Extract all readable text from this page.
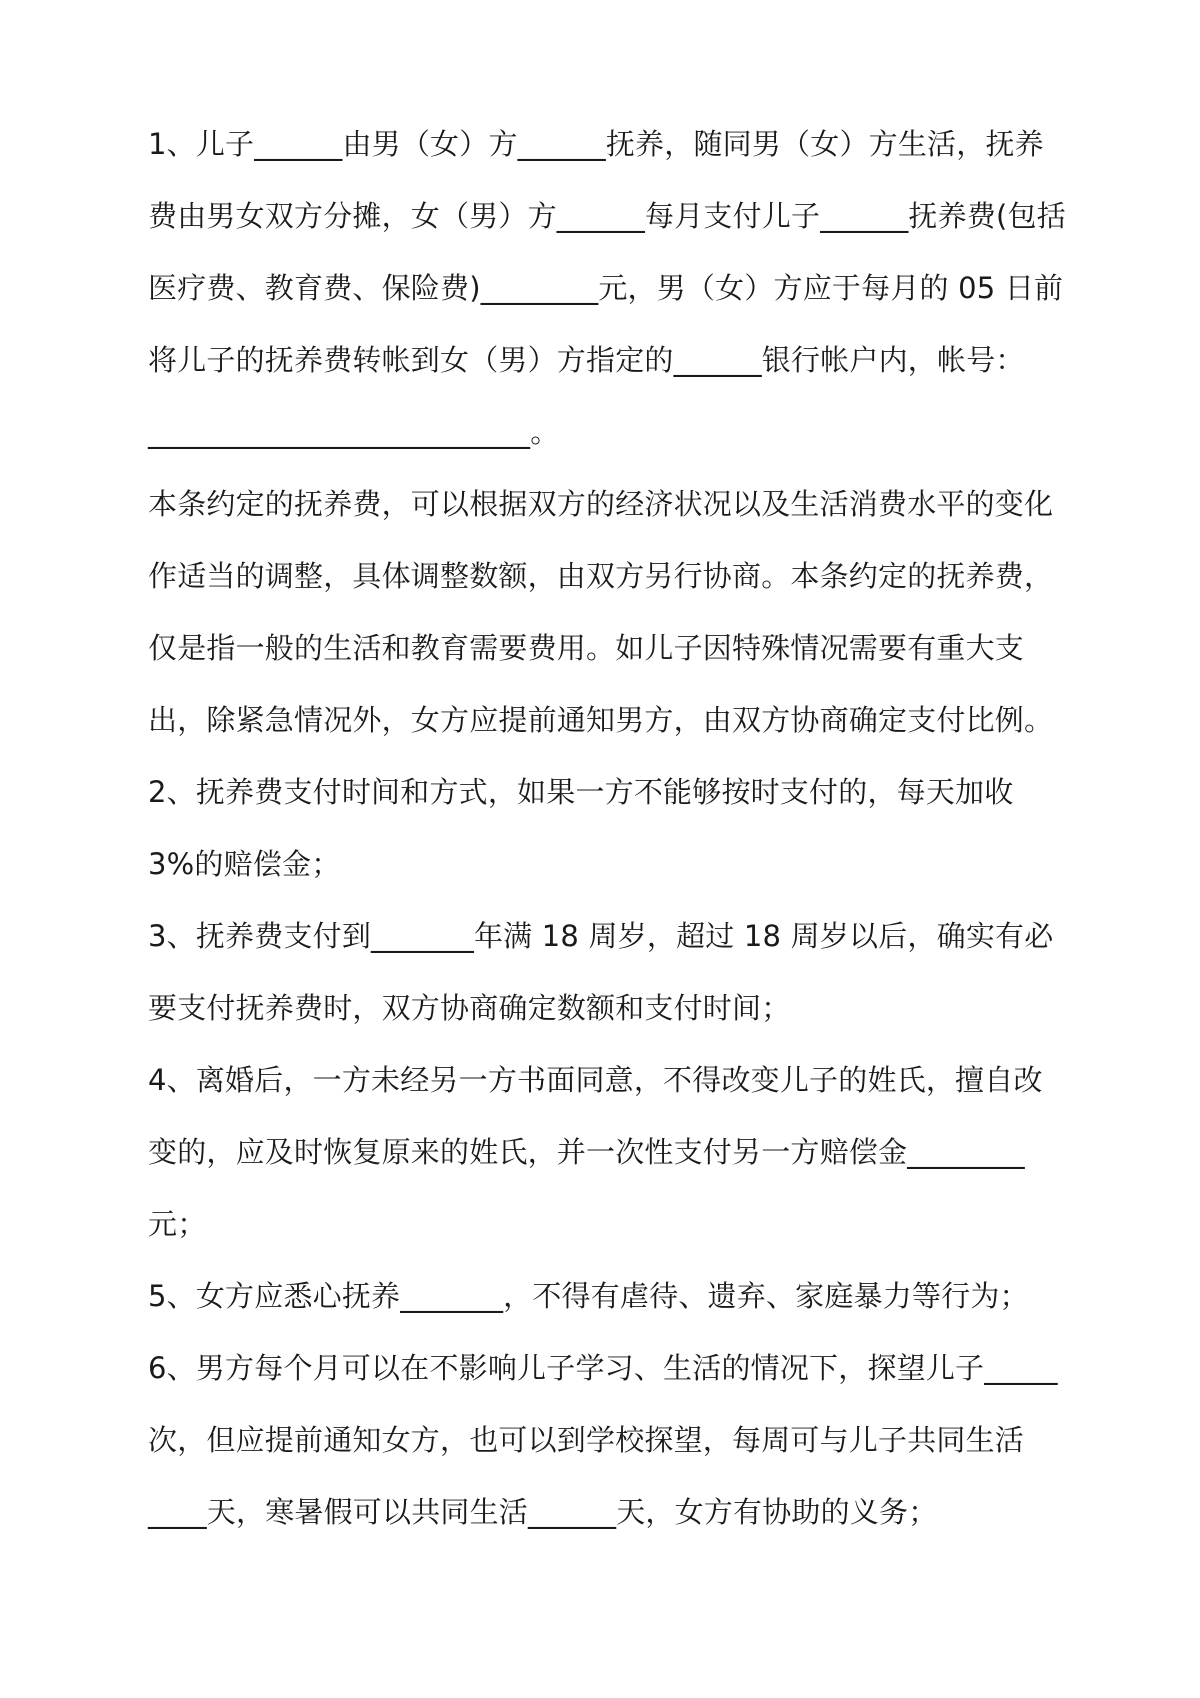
1、儿子______由男（女）方______抚养，随同男（女）方生活，抚养费由男女双方分摊，女（男）方______每月支付儿子______抚养费(包括医疗费、教育费、保险费)________元，男（女）方应于每月的 05 日前将儿子的抚养费转帐到女（男）方指定的______银行帐户内，帐号：

__________________________。

本条约定的抚养费，可以根据双方的经济状况以及生活消费水平的变化作适当的调整，具体调整数额，由双方另行协商。本条约定的抚养费，仅是指一般的生活和教育需要费用。如儿子因特殊情况需要有重大支出，除紧急情况外，女方应提前通知男方，由双方协商确定支付比例。

2、抚养费支付时间和方式，如果一方不能够按时支付的，每天加收 3%的赔偿金；

3、抚养费支付到_______年满 18 周岁，超过 18 周岁以后，确实有必要支付抚养费时，双方协商确定数额和支付时间；

4、离婚后，一方未经另一方书面同意，不得改变儿子的姓氏，擅自改变的，应及时恢复原来的姓氏，并一次性支付另一方赔偿金________元；

5、女方应悉心抚养_______，不得有虐待、遗弃、家庭暴力等行为；

6、男方每个月可以在不影响儿子学习、生活的情况下，探望儿子_____次，但应提前通知女方，也可以到学校探望，每周可与儿子共同生活____天，寒暑假可以共同生活______天，女方有协助的义务；
